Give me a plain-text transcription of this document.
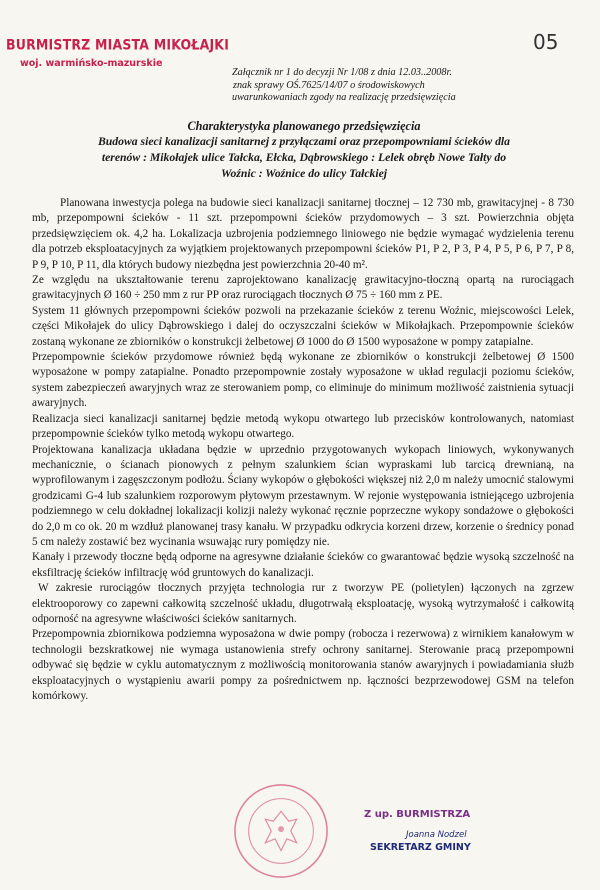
BURMISTRZ MIASTA MIKOŁAJKI
woj. warmińsko-mazurskie
05
Załącznik nr 1 do decyzji Nr 1/08 z dnia 12.03..2008r.
znak sprawy OŚ.7625/14/07 o środowiskowych
uwarunkowaniach zgody na realizację przedsięwzięcia
Charakterystyka planowanego przedsięwzięcia
Budowa sieci kanalizacji sanitarnej z przyłączami oraz przepompowniami ścieków dla
terenów : Mikołajek ulice Tałcka, Ełcka, Dąbrowskiego : Lelek obręb Nowe Tałty do
Woźnic : Woźnice do ulicy Tałckiej

Planowana inwestycja polega na budowie sieci kanalizacji sanitarnej tłocznej – 12 730 mb, grawitacyjnej - 8 730 mb, przepompowni ścieków - 11 szt. przepompowni ścieków przydomowych – 3 szt. Powierzchnia objęta przedsięwzięciem ok. 4,2 ha. Lokalizacja uzbrojenia podziemnego liniowego nie będzie wymagać wydzielenia terenu dla potrzeb eksploatacyjnych za wyjątkiem projektowanych przepompowni ścieków P1, P 2, P 3, P 4, P 5, P 6, P 7, P 8, P 9, P 10, P 11, dla których budowy niezbędna jest powierzchnia 20-40 m².

Ze względu na ukształtowanie terenu zaprojektowano kanalizację grawitacyjno-tłoczną opartą na rurociągach grawitacyjnych Ø 160 ÷ 250 mm z rur PP oraz rurociągach tłocznych Ø 75 ÷ 160 mm z PE.

System 11 głównych przepompowni ścieków pozwoli na przekazanie ścieków z terenu Woźnic, miejscowości Lelek, części Mikołajek do ulicy Dąbrowskiego i dalej do oczyszczalni ścieków w Mikołajkach. Przepompownie ścieków zostaną wykonane ze zbiorników o konstrukcji żelbetowej Ø 1000 do Ø 1500 wyposażone w pompy zatapialne.

Przepompownie ścieków przydomowe również będą wykonane ze zbiorników o konstrukcji żelbetowej Ø 1500 wyposażone w pompy zatapialne. Ponadto przepompownie zostały wyposażone w układ regulacji poziomu ścieków, system zabezpieczeń awaryjnych wraz ze sterowaniem pomp, co eliminuje do minimum możliwość zaistnienia sytuacji awaryjnych.

Realizacja sieci kanalizacji sanitarnej będzie metodą wykopu otwartego lub przecisków kontrolowanych, natomiast przepompownie ścieków tylko metodą wykopu otwartego.

Projektowana kanalizacja układana będzie w uprzednio przygotowanych wykopach liniowych, wykonywanych mechanicznie, o ścianach pionowych z pełnym szalunkiem ścian wypraskami lub tarcicą drewnianą, na wyprofilowanym i zagęszczonym podłożu. Ściany wykopów o głębokości większej niż 2,0 m należy umocnić stalowymi grodzicami G-4 lub szalunkiem rozporowym płytowym przestawnym. W rejonie występowania istniejącego uzbrojenia podziemnego w celu dokładnej lokalizacji kolizji należy wykonać ręcznie poprzeczne wykopy sondażowe o głębokości do 2,0 m co ok. 20 m wzdłuż planowanej trasy kanału. W przypadku odkrycia korzeni drzew, korzenie o średnicy ponad 5 cm należy zostawić bez wycinania wsuwając rury pomiędzy nie.

Kanały i przewody tłoczne będą odporne na agresywne działanie ścieków co gwarantować będzie wysoką szczelność na eksfiltrację ścieków infiltrację wód gruntowych do kanalizacji.

W zakresie rurociągów tłocznych przyjęta technologia rur z tworzyw PE (polietylen) łączonych na zgrzew elektrooporowy co zapewni całkowitą szczelność układu, długotrwałą eksploatację, wysoką wytrzymałość i całkowitą odporność na agresywne właściwości ścieków sanitarnych.

Przepompownia zbiornikowa podziemna wyposażona w dwie pompy (robocza i rezerwowa) z wirnikiem kanałowym w technologii bezskratkowej nie wymaga ustanowienia strefy ochrony sanitarnej. Sterowanie pracą przepompowni odbywać się będzie w cyklu automatycznym z możliwością monitorowania stanów awaryjnych i powiadamiania służb eksploatacyjnych o wystąpieniu awarii pompy za pośrednictwem np. łączności bezprzewodowej GSM na telefon komórkowy.

Z up. BURMISTRZA
Joanna Nodzel
SEKRETARZ GMINY
